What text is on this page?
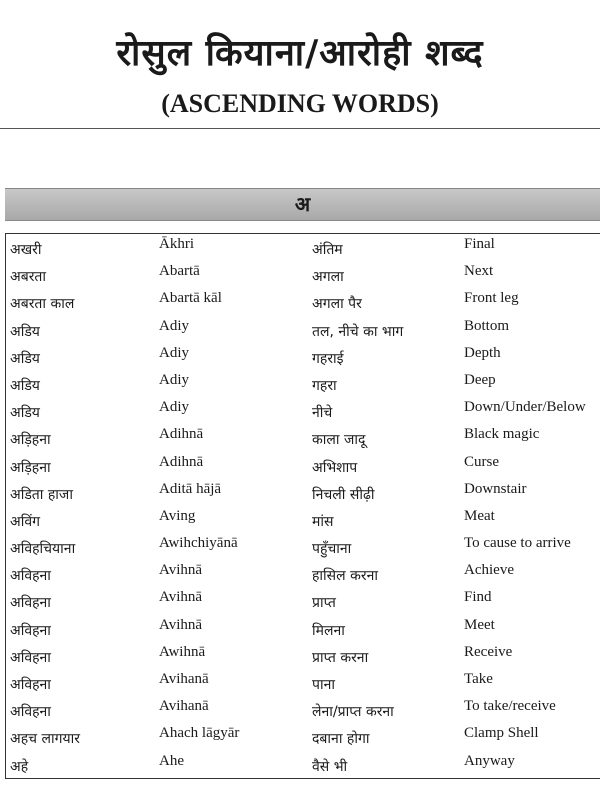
रोसुल कियाना/आरोही शब्द
(ASCENDING WORDS)
अ
अखरी	Ākhri	अंतिम	Final
अबरता	Abartā	अगला	Next
अबरता काल	Abartā kāl	अगला पैर	Front leg
अडिय	Adiy	तल, नीचे का भाग	Bottom
अडिय	Adiy	गहराई	Depth
अडिय	Adiy	गहरा	Deep
अडिय	Adiy	नीचे	Down/Under/Below
अड़िहना	Adihnā	काला जादू	Black magic
अड़िहना	Adihnā	अभिशाप	Curse
अडिता हाजा	Aditā hājā	निचली सीढ़ी	Downstair
अविंग	Aving	मांस	Meat
अविहचियाना	Awihchiyānā	पहुँचाना	To cause to arrive
अविहना	Avihnā	हासिल करना	Achieve
अविहना	Avihnā	प्राप्त	Find
अविहना	Avihnā	मिलना	Meet
अविहना	Awihnā	प्राप्त करना	Receive
अविहना	Avihanā	पाना	Take
अविहना	Avihanā	लेना/प्राप्त करना	To take/receive
अहच लागयार	Ahach lāgyār	दबाना होगा	Clamp Shell
अहे	Ahe	वैसे भी	Anyway
